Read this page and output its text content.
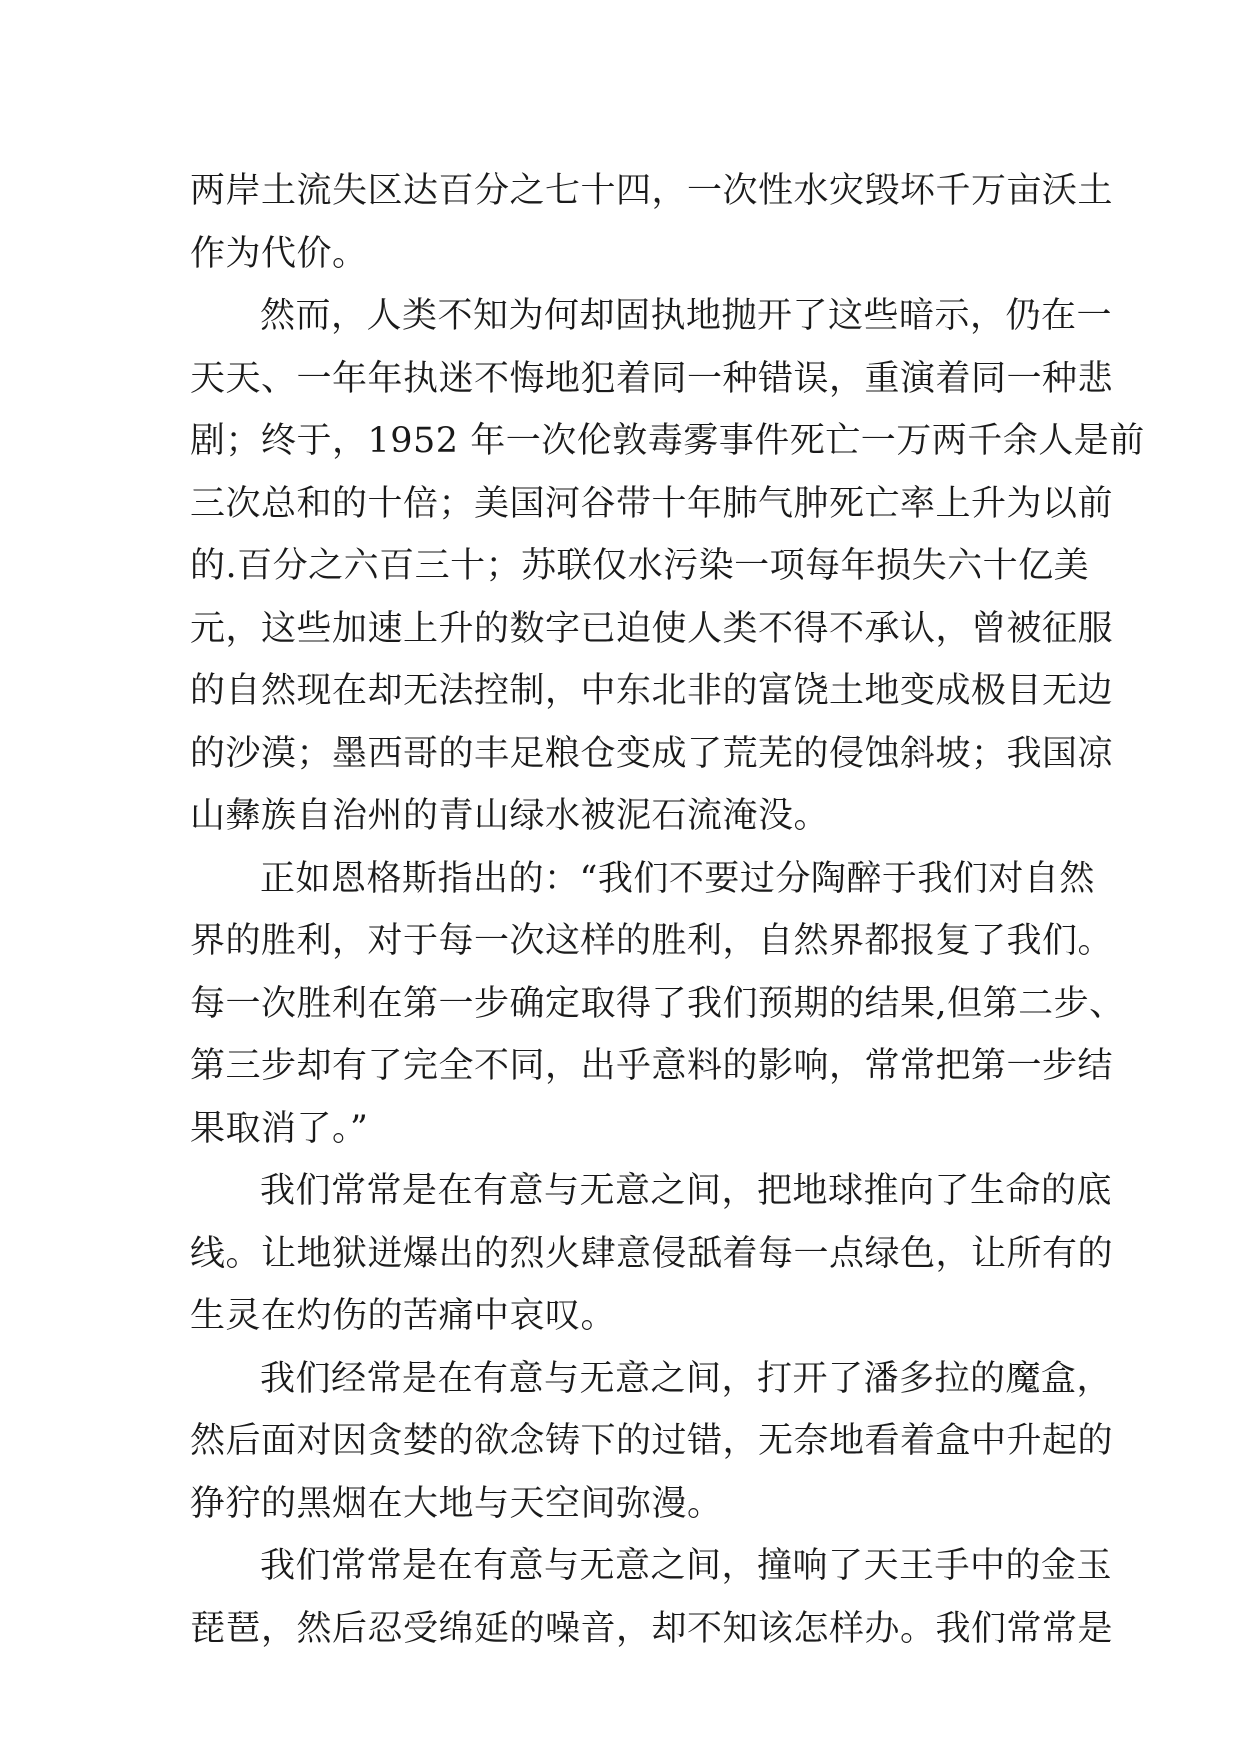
两岸土流失区达百分之七十四，一次性水灾毁坏千万亩沃土
作为代价。
然而，人类不知为何却固执地抛开了这些暗示，仍在一
天天、一年年执迷不悔地犯着同一种错误，重演着同一种悲
剧；终于，1952 年一次伦敦毒雾事件死亡一万两千余人是前
三次总和的十倍；美国河谷带十年肺气肿死亡率上升为以前
的.百分之六百三十；苏联仅水污染一项每年损失六十亿美
元，这些加速上升的数字已迫使人类不得不承认，曾被征服
的自然现在却无法控制，中东北非的富饶土地变成极目无边
的沙漠；墨西哥的丰足粮仓变成了荒芜的侵蚀斜坡；我国凉
山彝族自治州的青山绿水被泥石流淹没。
正如恩格斯指出的：“我们不要过分陶醉于我们对自然
界的胜利，对于每一次这样的胜利，自然界都报复了我们。
每一次胜利在第一步确定取得了我们预期的结果,但第二步、
第三步却有了完全不同，出乎意料的影响，常常把第一步结
果取消了。”
我们常常是在有意与无意之间，把地球推向了生命的底
线。让地狱迸爆出的烈火肆意侵舐着每一点绿色，让所有的
生灵在灼伤的苦痛中哀叹。
我们经常是在有意与无意之间，打开了潘多拉的魔盒，
然后面对因贪婪的欲念铸下的过错，无奈地看着盒中升起的
狰狞的黑烟在大地与天空间弥漫。
我们常常是在有意与无意之间，撞响了天王手中的金玉
琵琶，然后忍受绵延的噪音，却不知该怎样办。我们常常是
